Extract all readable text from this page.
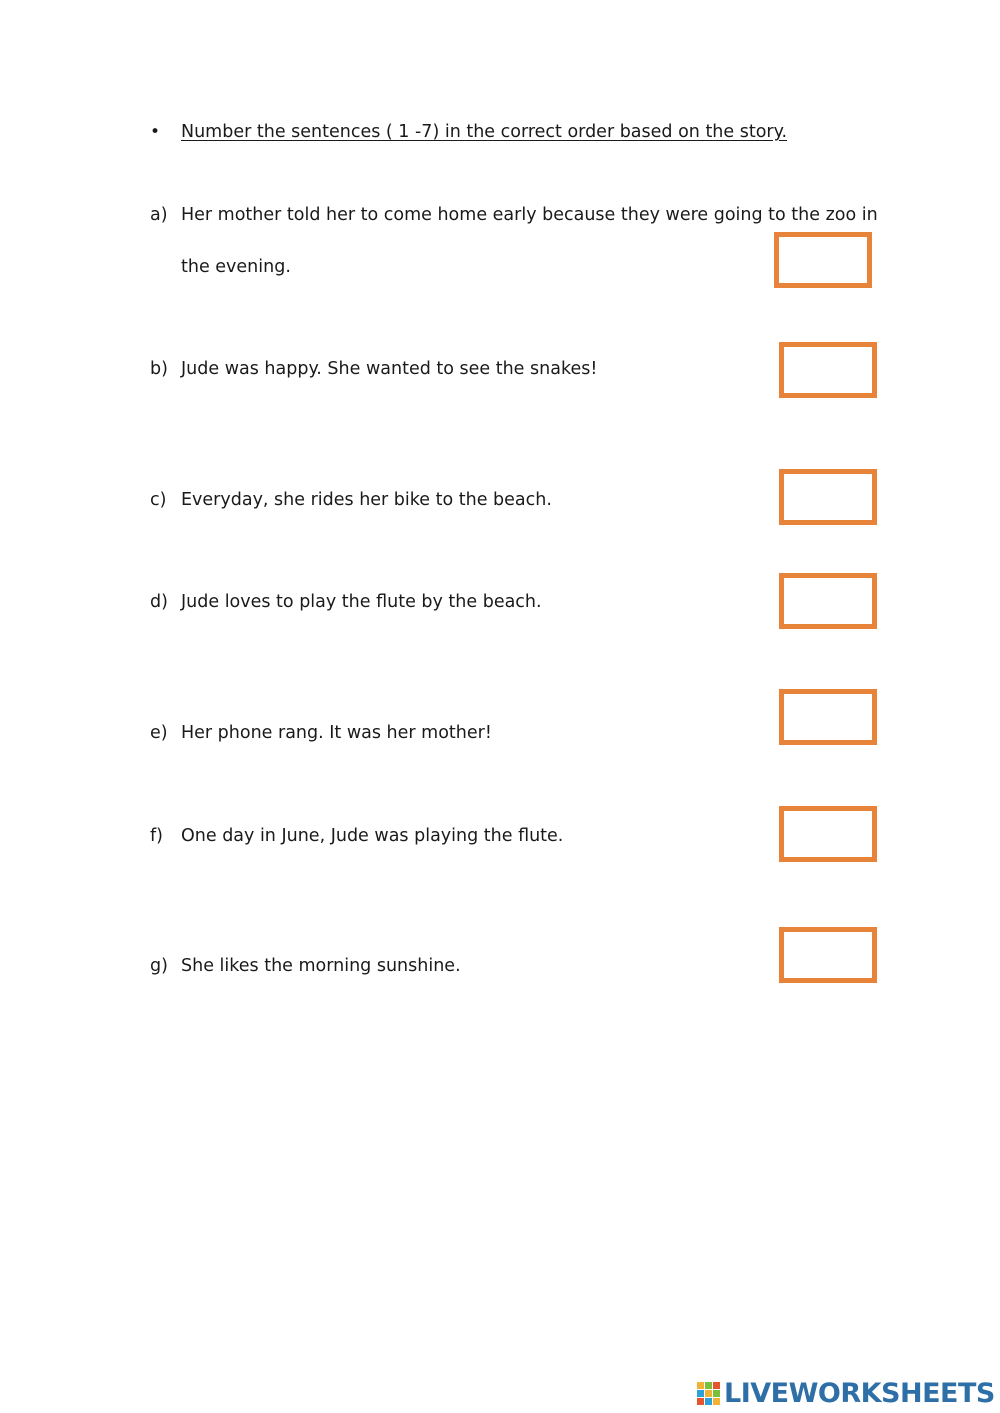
• Number the sentences ( 1 -7) in the correct order based on the story.
a) Her mother told her to come home early because they were going to the zoo in
the evening.
b) Jude was happy. She wanted to see the snakes!
c) Everyday, she rides her bike to the beach.
d) Jude loves to play the flute by the beach.
e) Her phone rang. It was her mother!
f) One day in June, Jude was playing the flute.
g) She likes the morning sunshine.
LIVEWORKSHEETS
